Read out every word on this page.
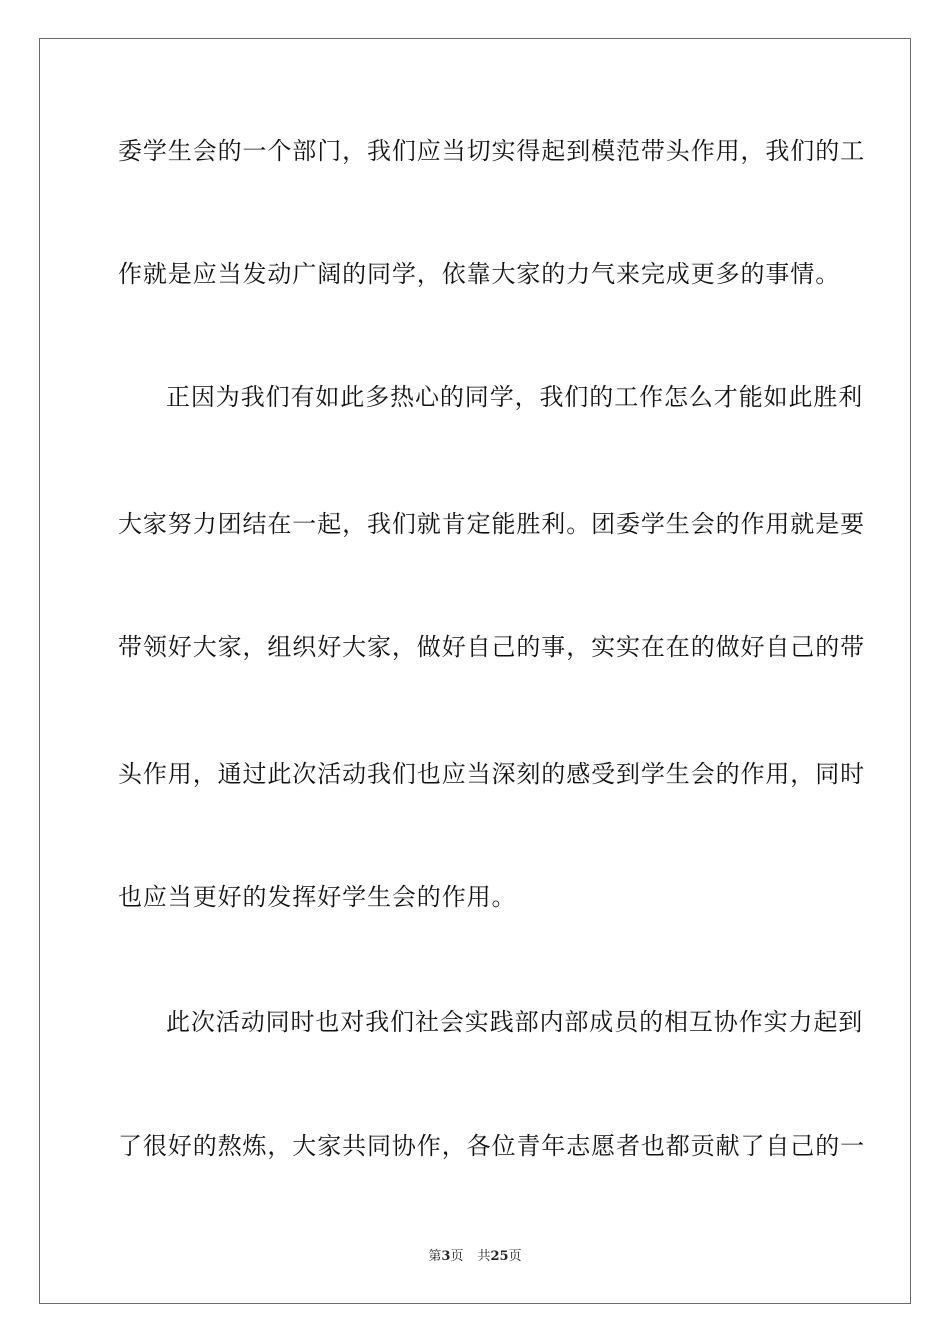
委学生会的一个部门，我们应当切实得起到模范带头作用，我们的工
作就是应当发动广阔的同学，依靠大家的力气来完成更多的事情。
正因为我们有如此多热心的同学，我们的工作怎么才能如此胜利
大家努力团结在一起，我们就肯定能胜利。团委学生会的作用就是要
带领好大家，组织好大家，做好自己的事，实实在在的做好自己的带
头作用，通过此次活动我们也应当深刻的感受到学生会的作用，同时
也应当更好的发挥好学生会的作用。
此次活动同时也对我们社会实践部内部成员的相互协作实力起到
了很好的熬炼，大家共同协作，各位青年志愿者也都贡献了自己的一
第3页 共25页
